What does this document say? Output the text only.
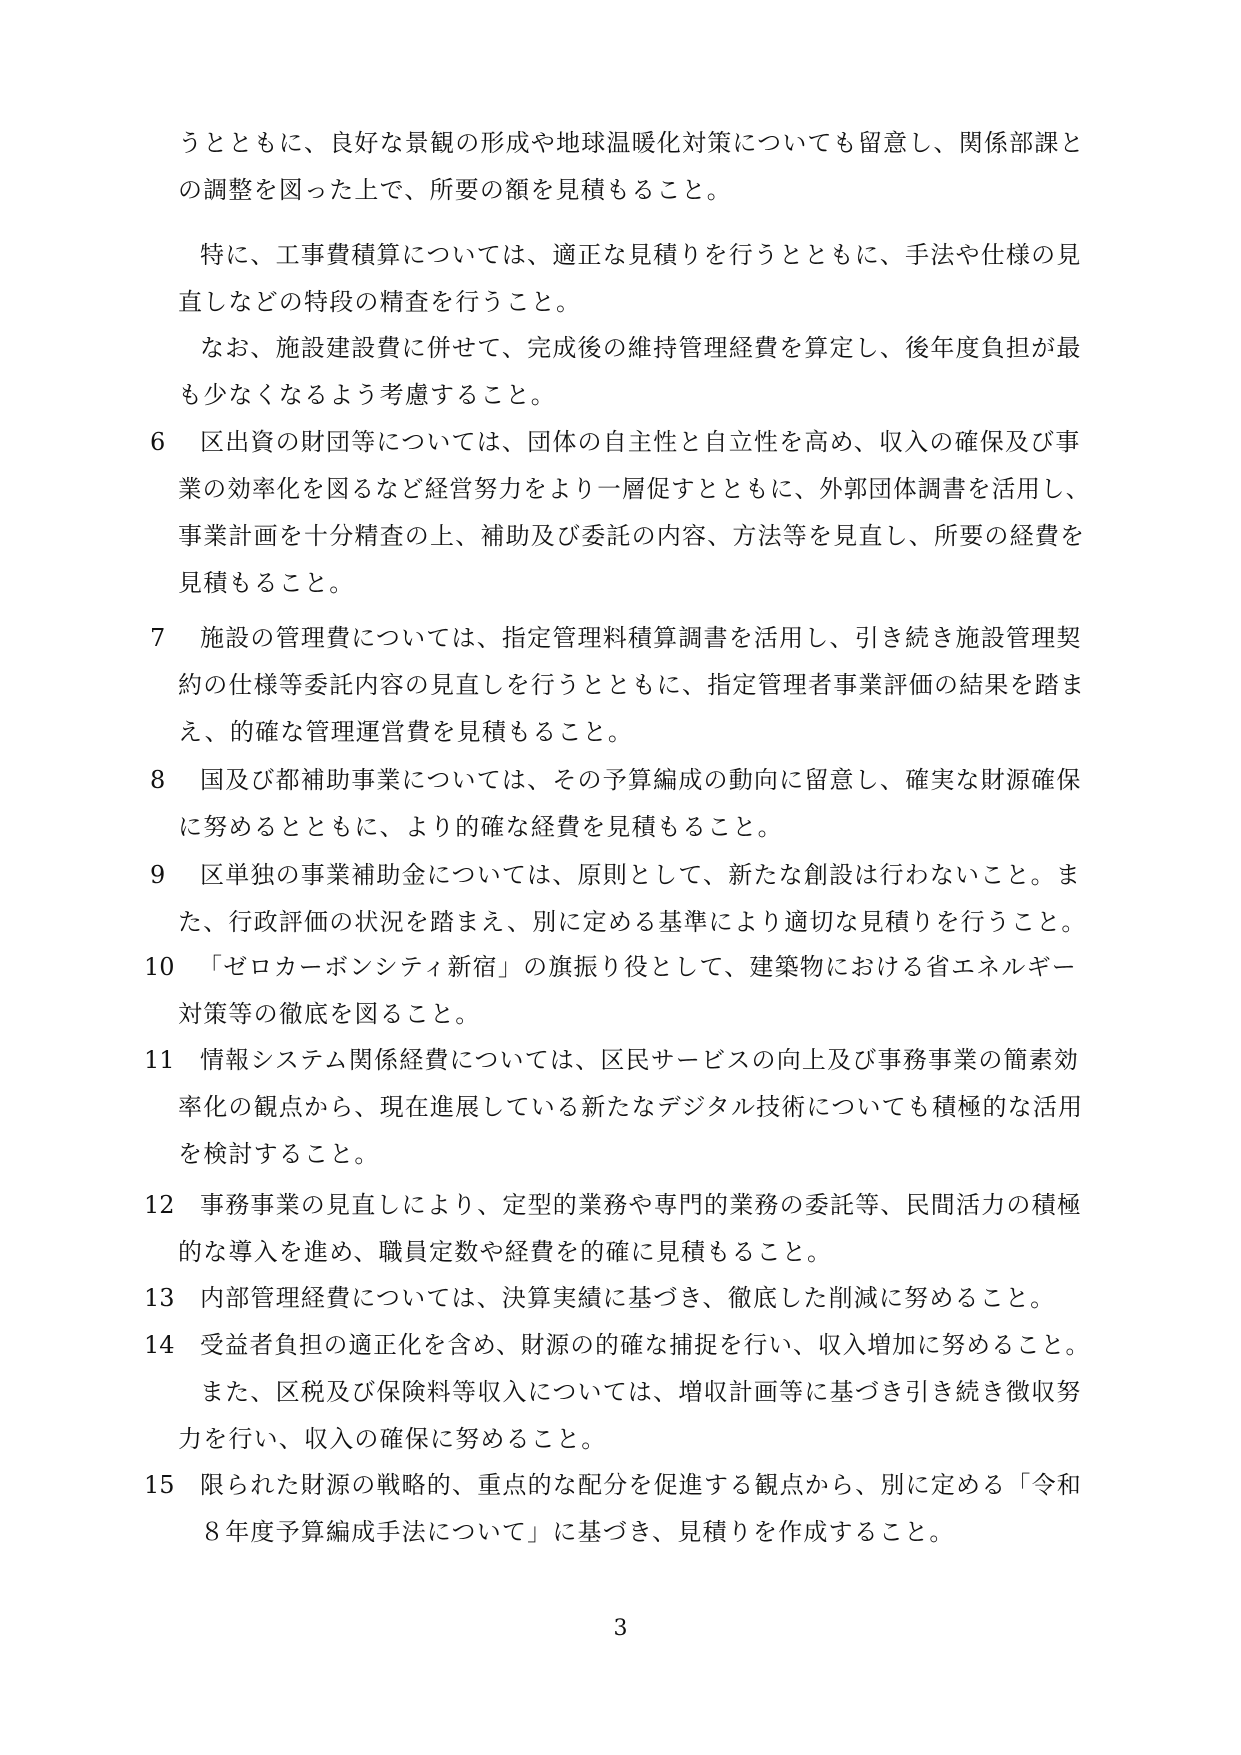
うとともに、良好な景観の形成や地球温暖化対策についても留意し、関係部課と
の調整を図った上で、所要の額を見積もること。
特に、工事費積算については、適正な見積りを行うとともに、手法や仕様の見
直しなどの特段の精査を行うこと。
なお、施設建設費に併せて、完成後の維持管理経費を算定し、後年度負担が最
も少なくなるよう考慮すること。
6 区出資の財団等については、団体の自主性と自立性を高め、収入の確保及び事
業の効率化を図るなど経営努力をより一層促すとともに、外郭団体調書を活用し、
事業計画を十分精査の上、補助及び委託の内容、方法等を見直し、所要の経費を
見積もること。
7 施設の管理費については、指定管理料積算調書を活用し、引き続き施設管理契
約の仕様等委託内容の見直しを行うとともに、指定管理者事業評価の結果を踏ま
え、的確な管理運営費を見積もること。
8 国及び都補助事業については、その予算編成の動向に留意し、確実な財源確保
に努めるとともに、より的確な経費を見積もること。
9 区単独の事業補助金については、原則として、新たな創設は行わないこと。ま
た、行政評価の状況を踏まえ、別に定める基準により適切な見積りを行うこと。
10 「ゼロカーボンシティ新宿」の旗振り役として、建築物における省エネルギー
対策等の徹底を図ること。
11 情報システム関係経費については、区民サービスの向上及び事務事業の簡素効
率化の観点から、現在進展している新たなデジタル技術についても積極的な活用
を検討すること。
12 事務事業の見直しにより、定型的業務や専門的業務の委託等、民間活力の積極
的な導入を進め、職員定数や経費を的確に見積もること。
13 内部管理経費については、決算実績に基づき、徹底した削減に努めること。
14 受益者負担の適正化を含め、財源の的確な捕捉を行い、収入増加に努めること。
また、区税及び保険料等収入については、増収計画等に基づき引き続き徴収努
力を行い、収入の確保に努めること。
15 限られた財源の戦略的、重点的な配分を促進する観点から、別に定める「令和
８年度予算編成手法について」に基づき、見積りを作成すること。
3
